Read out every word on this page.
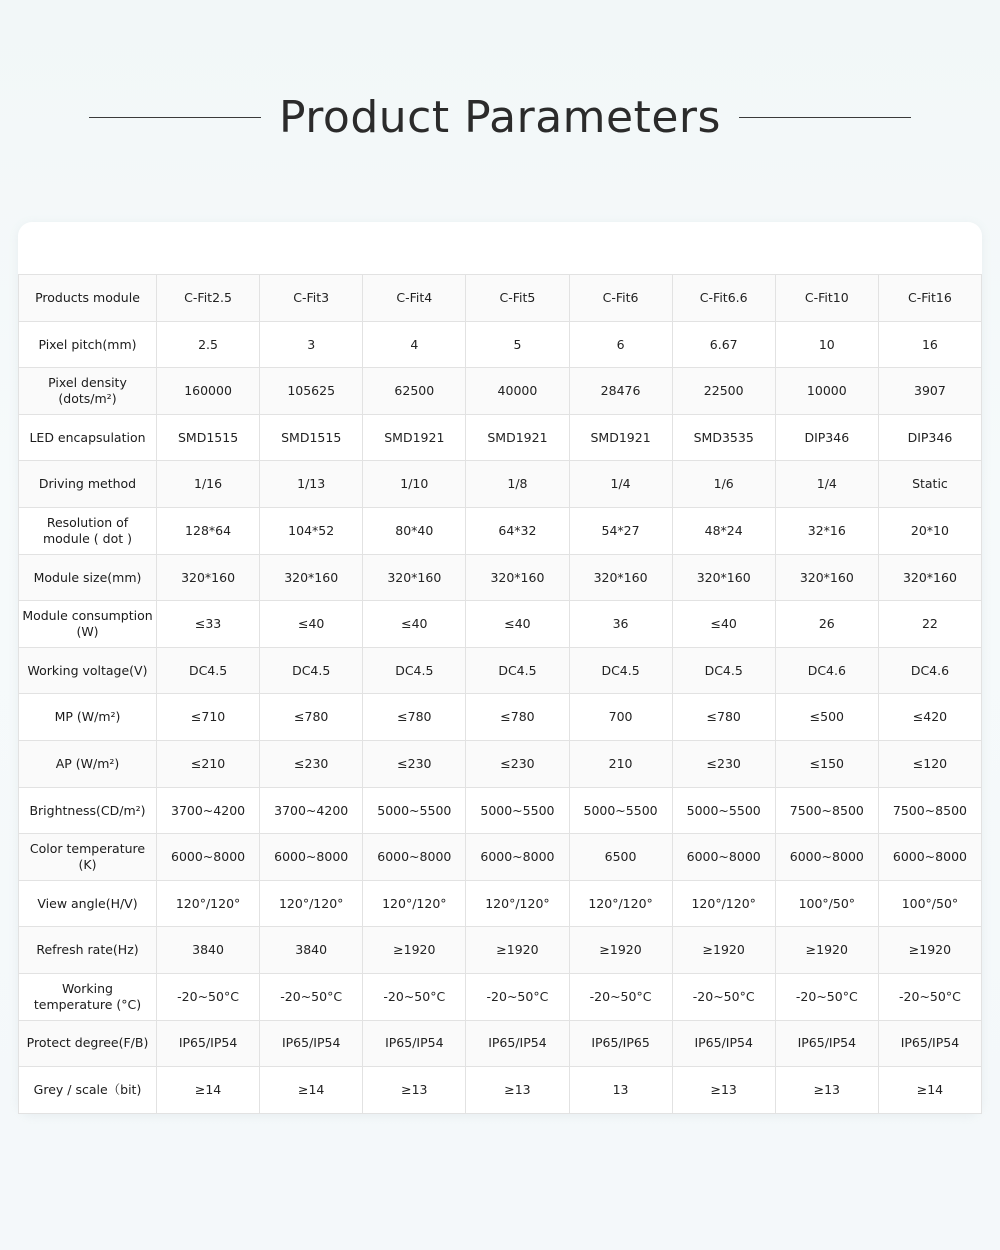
Product Parameters
Products module	C-Fit2.5	C-Fit3	C-Fit4	C-Fit5	C-Fit6	C-Fit6.6	C-Fit10	C-Fit16
Pixel pitch(mm)	2.5	3	4	5	6	6.67	10	16
Pixel density (dots/m²)	160000	105625	62500	40000	28476	22500	10000	3907
LED encapsulation	SMD1515	SMD1515	SMD1921	SMD1921	SMD1921	SMD3535	DIP346	DIP346
Driving method	1/16	1/13	1/10	1/8	1/4	1/6	1/4	Static
Resolution of module ( dot )	128*64	104*52	80*40	64*32	54*27	48*24	32*16	20*10
Module size(mm)	320*160	320*160	320*160	320*160	320*160	320*160	320*160	320*160
Module consumption (W)	≤33	≤40	≤40	≤40	36	≤40	26	22
Working voltage(V)	DC4.5	DC4.5	DC4.5	DC4.5	DC4.5	DC4.5	DC4.6	DC4.6
MP (W/m²)	≤710	≤780	≤780	≤780	700	≤780	≤500	≤420
AP (W/m²)	≤210	≤230	≤230	≤230	210	≤230	≤150	≤120
Brightness(CD/m²)	3700~4200	3700~4200	5000~5500	5000~5500	5000~5500	5000~5500	7500~8500	7500~8500
Color temperature (K)	6000~8000	6000~8000	6000~8000	6000~8000	6500	6000~8000	6000~8000	6000~8000
View angle(H/V)	120°/120°	120°/120°	120°/120°	120°/120°	120°/120°	120°/120°	100°/50°	100°/50°
Refresh rate(Hz)	3840	3840	≥1920	≥1920	≥1920	≥1920	≥1920	≥1920
Working temperature (°C)	-20~50°C	-20~50°C	-20~50°C	-20~50°C	-20~50°C	-20~50°C	-20~50°C	-20~50°C
Protect degree(F/B)	IP65/IP54	IP65/IP54	IP65/IP54	IP65/IP54	IP65/IP65	IP65/IP54	IP65/IP54	IP65/IP54
Grey / scale（bit)	≥14	≥14	≥13	≥13	13	≥13	≥13	≥14
